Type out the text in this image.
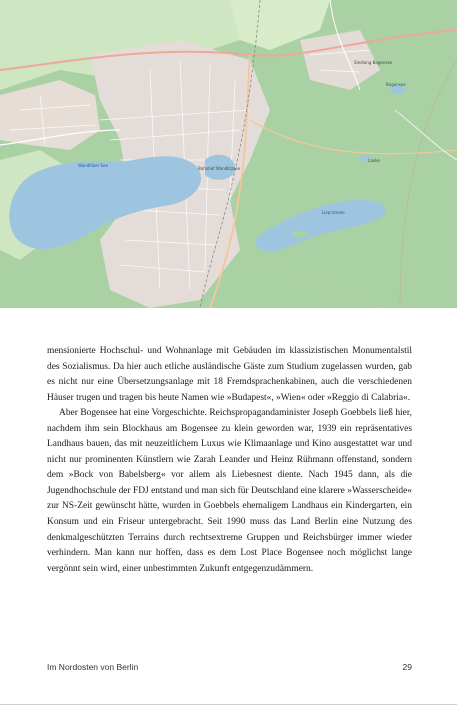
Wandlitzer See
Bahnhof Wandlitzsee
Liepnitzsee
Siedlung Bogensee
Bogensee
Lanke

mensionierte Hochschul- und Wohnanlage mit Gebäuden im klassizistischen Monumentalstil des Sozialismus. Da hier auch etliche ausländische Gäste zum Studium zugelassen wurden, gab es nicht nur eine Übersetzungsanlage mit 18 Fremdsprachenkabinen, auch die verschiedenen Häuser trugen und tragen bis heute Namen wie »Budapest«, »Wien« oder »Reggio di Calabria«.

Aber Bogensee hat eine Vorgeschichte. Reichspropagandaminister Joseph Goebbels ließ hier, nachdem ihm sein Blockhaus am Bogensee zu klein geworden war, 1939 ein repräsentatives Landhaus bauen, das mit neuzeitlichem Luxus wie Klimaanlage und Kino ausgestattet war und nicht nur prominenten Künstlern wie Zarah Leander und Heinz Rühmann offenstand, sondern dem »Bock von Babelsberg« vor allem als Liebesnest diente. Nach 1945 dann, als die Jugendhochschule der FDJ entstand und man sich für Deutschland eine klarere »Wasserscheide« zur NS-Zeit gewünscht hätte, wurden in Goebbels ehemaligem Landhaus ein Kindergarten, ein Konsum und ein Friseur untergebracht. Seit 1990 muss das Land Berlin eine Nutzung des denkmalgeschützten Terrains durch rechtsextreme Gruppen und Reichsbürger immer wieder verhindern. Man kann nur hoffen, dass es dem Lost Place Bogensee noch möglichst lange vergönnt sein wird, einer unbestimmten Zukunft entgegenzudämmern.

Im Nordosten von Berlin	29
